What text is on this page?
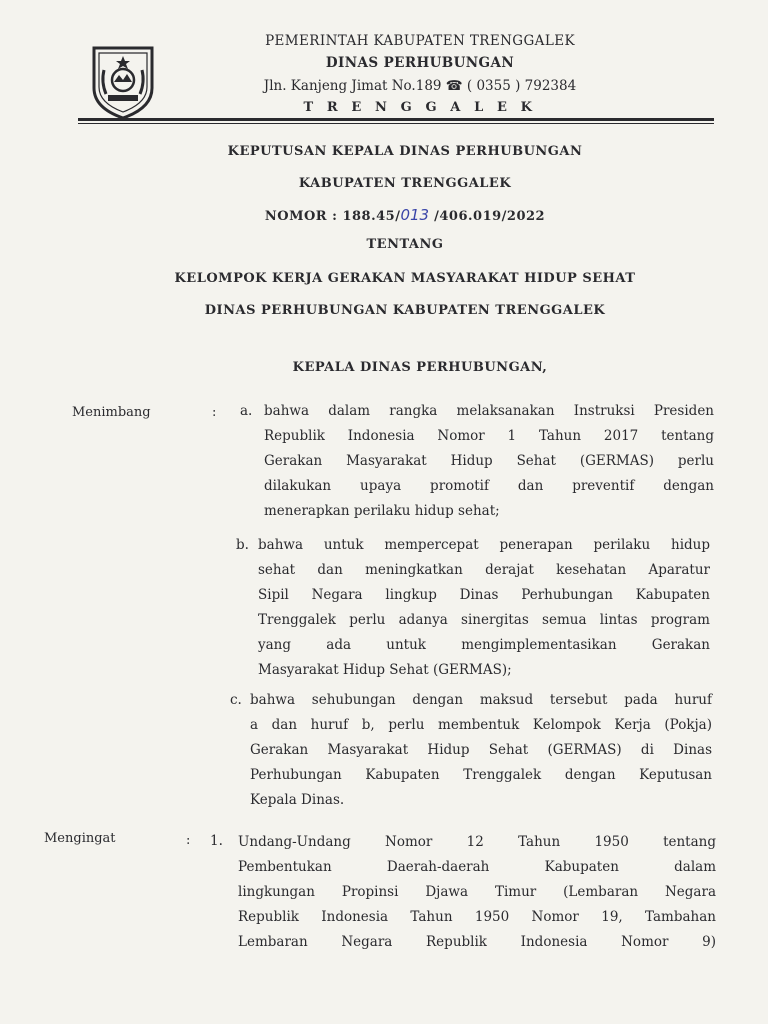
PEMERINTAH KABUPATEN TRENGGALEK
DINAS PERHUBUNGAN
Jln. Kanjeng Jimat No.189 ☎ ( 0355 ) 792384
T R E N G G A L E K
KEPUTUSAN KEPALA DINAS PERHUBUNGAN
KABUPATEN TRENGGALEK
NOMOR : 188.45/013 /406.019/2022
TENTANG
KELOMPOK KERJA GERAKAN MASYARAKAT HIDUP SEHAT
DINAS PERHUBUNGAN KABUPATEN TRENGGALEK
KEPALA DINAS PERHUBUNGAN,
Menimbang	: a. bahwa dalam rangka melaksanakan Instruksi Presiden
Republik Indonesia Nomor 1 Tahun 2017 tentang
Gerakan Masyarakat Hidup Sehat (GERMAS) perlu
dilakukan upaya promotif dan preventif dengan
menerapkan perilaku hidup sehat;
b. bahwa untuk mempercepat penerapan perilaku hidup
sehat dan meningkatkan derajat kesehatan Aparatur
Sipil Negara lingkup Dinas Perhubungan Kabupaten
Trenggalek perlu adanya sinergitas semua lintas program
yang ada untuk mengimplementasikan Gerakan
Masyarakat Hidup Sehat (GERMAS);
c. bahwa sehubungan dengan maksud tersebut pada huruf
a dan huruf b, perlu membentuk Kelompok Kerja (Pokja)
Gerakan Masyarakat Hidup Sehat (GERMAS) di Dinas
Perhubungan Kabupaten Trenggalek dengan Keputusan
Kepala Dinas.
Mengingat	: 1. Undang-Undang Nomor 12 Tahun 1950 tentang
Pembentukan Daerah-daerah Kabupaten dalam
lingkungan Propinsi Djawa Timur (Lembaran Negara
Republik Indonesia Tahun 1950 Nomor 19, Tambahan
Lembaran Negara Republik Indonesia Nomor 9)
